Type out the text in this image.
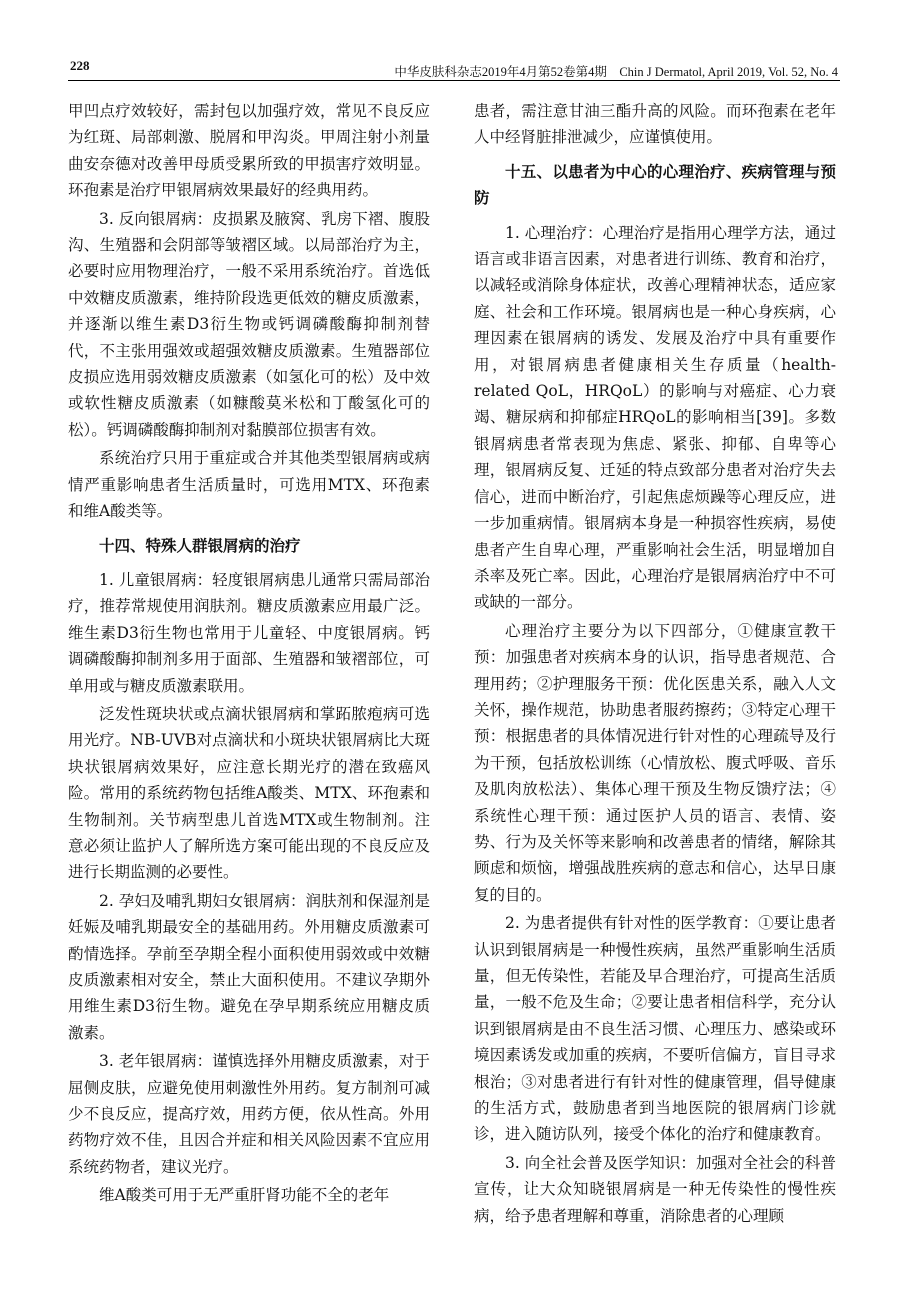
228	中华皮肤科杂志2019年4月第52卷第4期　Chin J Dermatol, April 2019, Vol. 52, No. 4

甲凹点疗效较好，需封包以加强疗效，常见不良反应为红斑、局部刺激、脱屑和甲沟炎。甲周注射小剂量曲安奈德对改善甲母质受累所致的甲损害疗效明显。环孢素是治疗甲银屑病效果最好的经典用药。

3. 反向银屑病：皮损累及腋窝、乳房下褶、腹股沟、生殖器和会阴部等皱褶区域。以局部治疗为主，必要时应用物理治疗，一般不采用系统治疗。首选低中效糖皮质激素，维持阶段选更低效的糖皮质激素，并逐渐以维生素D3衍生物或钙调磷酸酶抑制剂替代，不主张用强效或超强效糖皮质激素。生殖器部位皮损应选用弱效糖皮质激素（如氢化可的松）及中效或软性糖皮质激素（如糠酸莫米松和丁酸氢化可的松）。钙调磷酸酶抑制剂对黏膜部位损害有效。

系统治疗只用于重症或合并其他类型银屑病或病情严重影响患者生活质量时，可选用MTX、环孢素和维A酸类等。

十四、特殊人群银屑病的治疗

1. 儿童银屑病：轻度银屑病患儿通常只需局部治疗，推荐常规使用润肤剂。糖皮质激素应用最广泛。维生素D3衍生物也常用于儿童轻、中度银屑病。钙调磷酸酶抑制剂多用于面部、生殖器和皱褶部位，可单用或与糖皮质激素联用。

泛发性斑块状或点滴状银屑病和掌跖脓疱病可选用光疗。NB-UVB对点滴状和小斑块状银屑病比大斑块状银屑病效果好，应注意长期光疗的潜在致癌风险。常用的系统药物包括维A酸类、MTX、环孢素和生物制剂。关节病型患儿首选MTX或生物制剂。注意必须让监护人了解所选方案可能出现的不良反应及进行长期监测的必要性。

2. 孕妇及哺乳期妇女银屑病：润肤剂和保湿剂是妊娠及哺乳期最安全的基础用药。外用糖皮质激素可酌情选择。孕前至孕期全程小面积使用弱效或中效糖皮质激素相对安全，禁止大面积使用。不建议孕期外用维生素D3衍生物。避免在孕早期系统应用糖皮质激素。

3. 老年银屑病：谨慎选择外用糖皮质激素，对于屈侧皮肤，应避免使用刺激性外用药。复方制剂可减少不良反应，提高疗效，用药方便，依从性高。外用药物疗效不佳，且因合并症和相关风险因素不宜应用系统药物者，建议光疗。

维A酸类可用于无严重肝肾功能不全的老年

患者，需注意甘油三酯升高的风险。而环孢素在老年人中经肾脏排泄减少，应谨慎使用。

十五、以患者为中心的心理治疗、疾病管理与预防

1. 心理治疗：心理治疗是指用心理学方法，通过语言或非语言因素，对患者进行训练、教育和治疗，以减轻或消除身体症状，改善心理精神状态，适应家庭、社会和工作环境。银屑病也是一种心身疾病，心理因素在银屑病的诱发、发展及治疗中具有重要作用，对银屑病患者健康相关生存质量（health-related QoL，HRQoL）的影响与对癌症、心力衰竭、糖尿病和抑郁症HRQoL的影响相当[39]。多数银屑病患者常表现为焦虑、紧张、抑郁、自卑等心理，银屑病反复、迁延的特点致部分患者对治疗失去信心，进而中断治疗，引起焦虑烦躁等心理反应，进一步加重病情。银屑病本身是一种损容性疾病，易使患者产生自卑心理，严重影响社会生活，明显增加自杀率及死亡率。因此，心理治疗是银屑病治疗中不可或缺的一部分。

心理治疗主要分为以下四部分，①健康宣教干预：加强患者对疾病本身的认识，指导患者规范、合理用药；②护理服务干预：优化医患关系，融入人文关怀，操作规范，协助患者服药擦药；③特定心理干预：根据患者的具体情况进行针对性的心理疏导及行为干预，包括放松训练（心情放松、腹式呼吸、音乐及肌肉放松法）、集体心理干预及生物反馈疗法；④系统性心理干预：通过医护人员的语言、表情、姿势、行为及关怀等来影响和改善患者的情绪，解除其顾虑和烦恼，增强战胜疾病的意志和信心，达早日康复的目的。

2. 为患者提供有针对性的医学教育：①要让患者认识到银屑病是一种慢性疾病，虽然严重影响生活质量，但无传染性，若能及早合理治疗，可提高生活质量，一般不危及生命；②要让患者相信科学，充分认识到银屑病是由不良生活习惯、心理压力、感染或环境因素诱发或加重的疾病，不要听信偏方，盲目寻求根治；③对患者进行有针对性的健康管理，倡导健康的生活方式，鼓励患者到当地医院的银屑病门诊就诊，进入随访队列，接受个体化的治疗和健康教育。

3. 向全社会普及医学知识：加强对全社会的科普宣传，让大众知晓银屑病是一种无传染性的慢性疾病，给予患者理解和尊重，消除患者的心理顾
